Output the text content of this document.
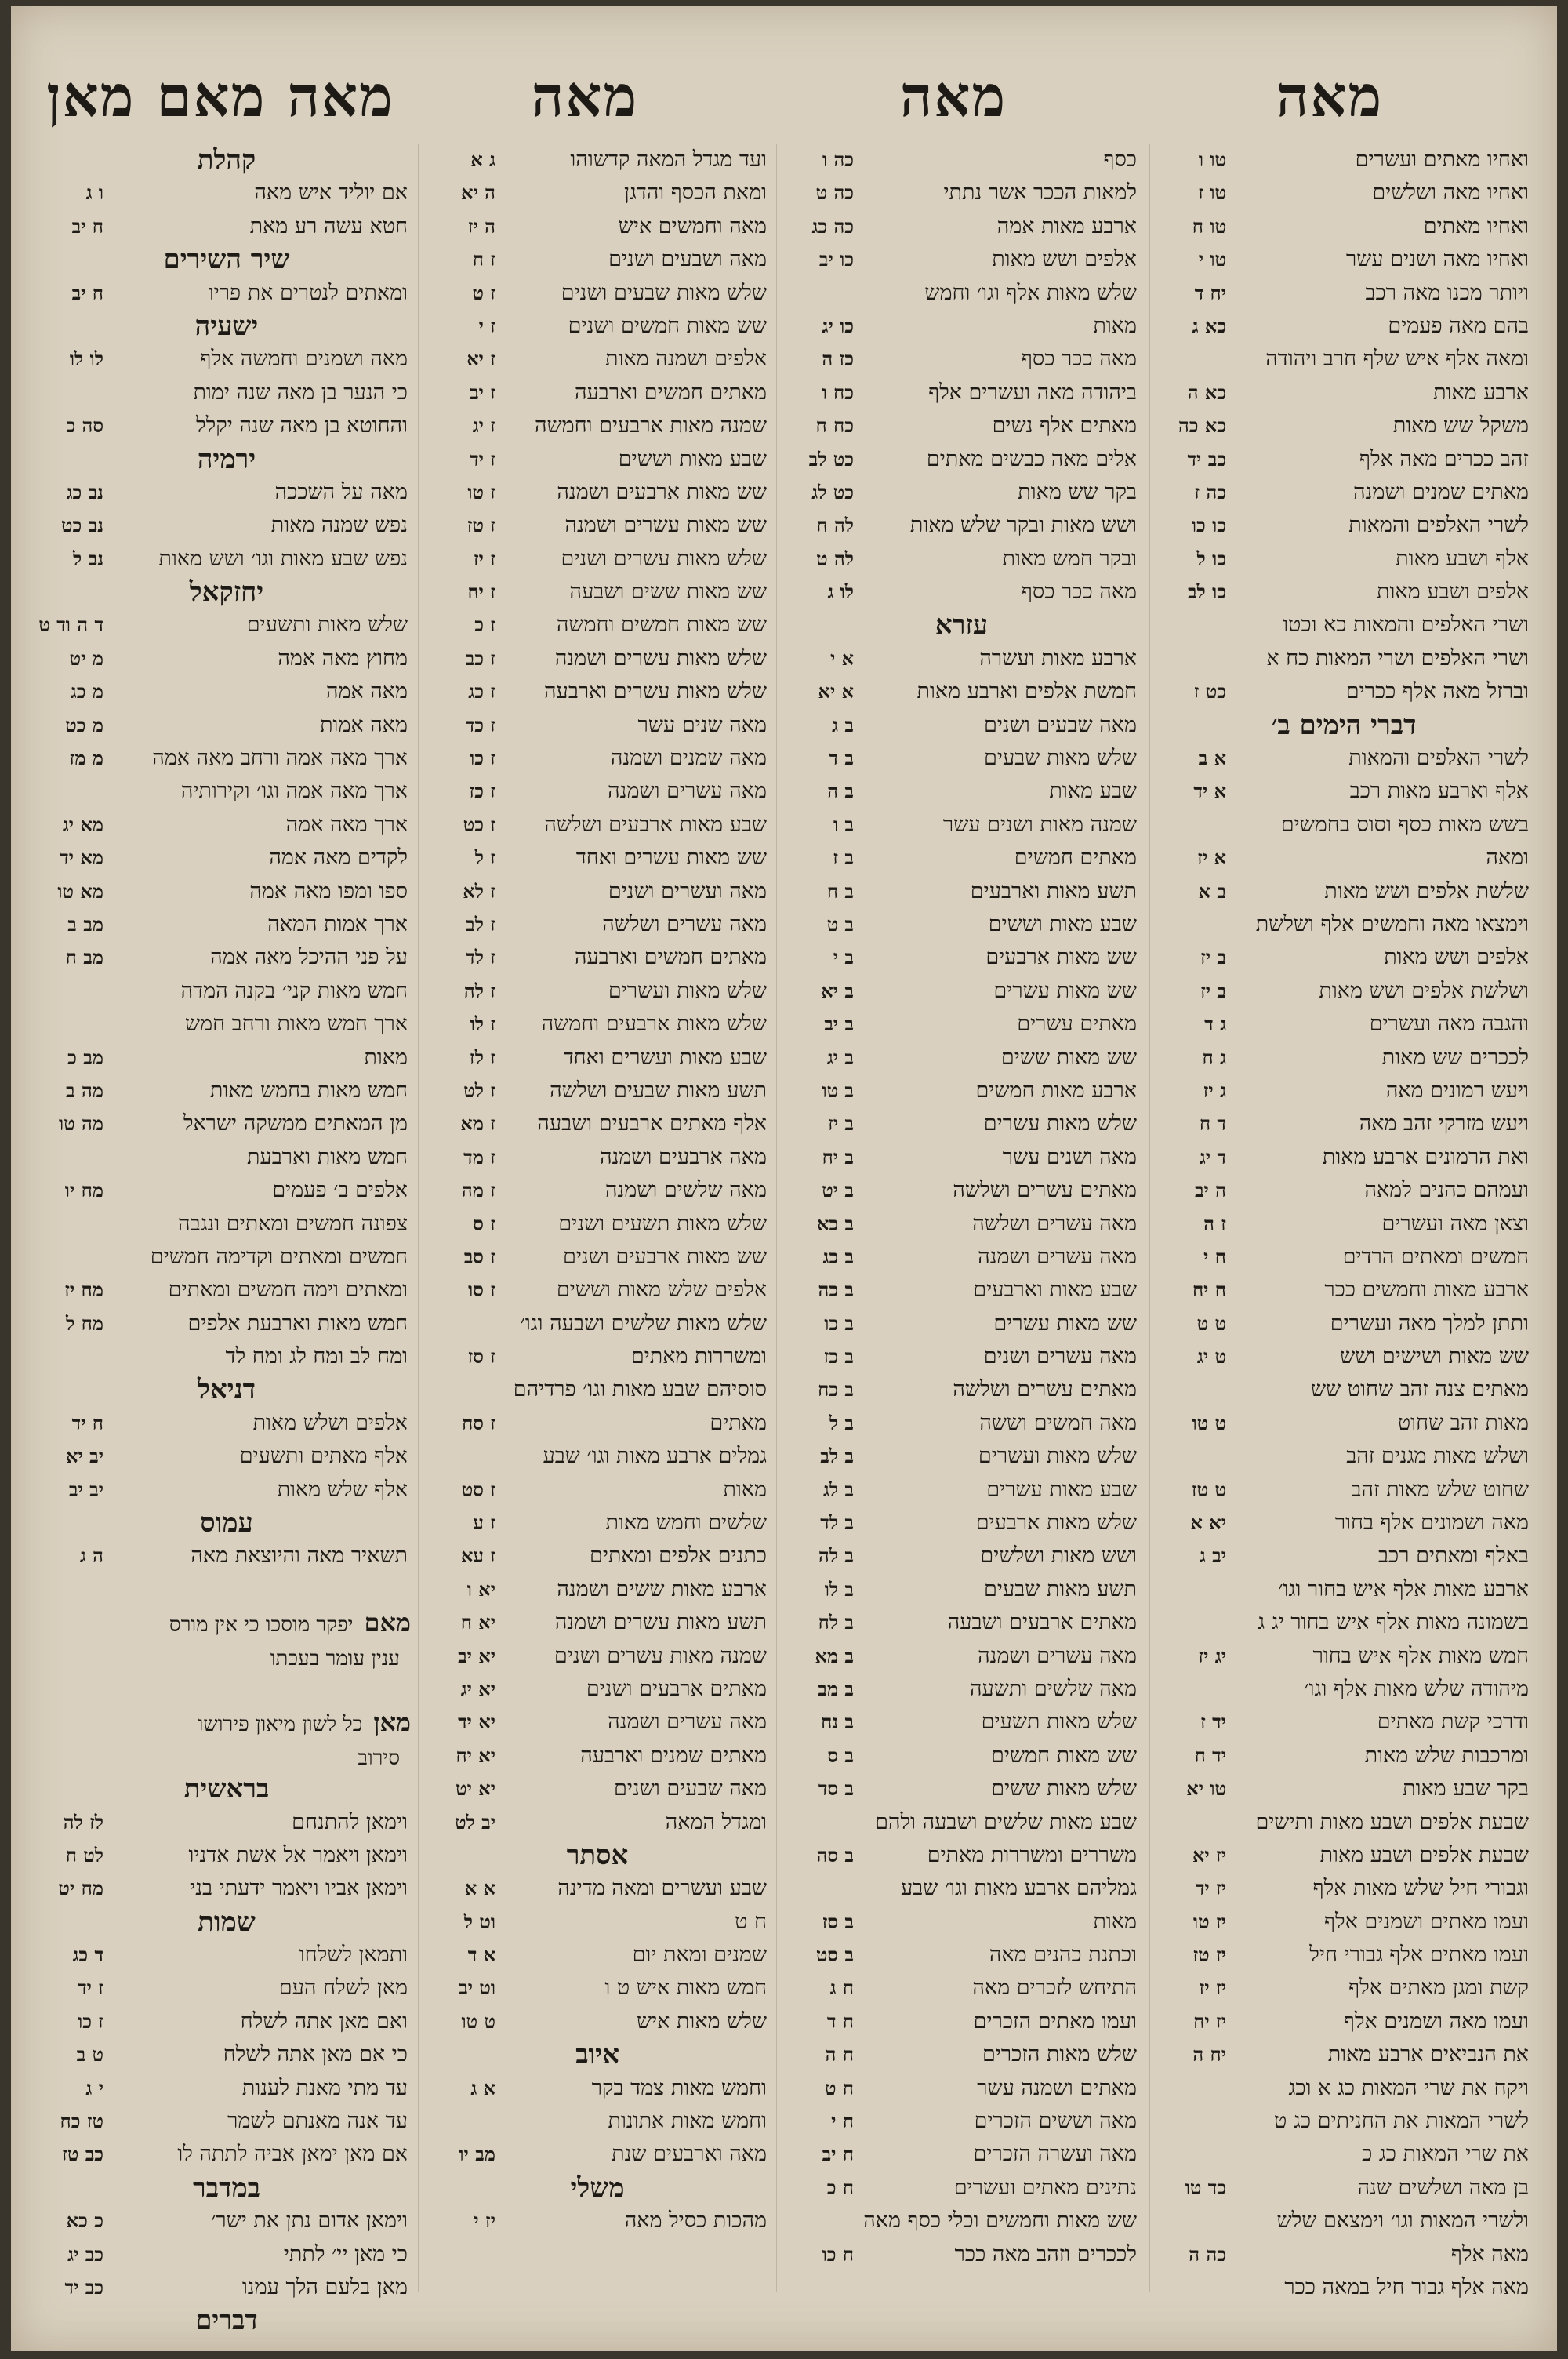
מאה
מאה
מאה
מאה מאם מאן
ואחיו מאתים ועשרים
טו ו
ואחיו מאה ושלשים
טו ז
ואחיו מאתים
טו ח
ואחיו מאה ושנים עשר
טו י
ויותר מכנו מאה רכב
יח ד
בהם מאה פעמים
כא ג
ומאה אלף איש שלף חרב ויהודה
ארבע מאות
כא ה
משקל שש מאות
כא כה
זהב ככרים מאה אלף
כב יד
מאתים שמנים ושמנה
כה ז
לשרי האלפים והמאות
כו כו
אלף ושבע מאות
כו ל
אלפים ושבע מאות
כו לב
ושרי האלפים והמאות כא וכטו
ושרי האלפים ושרי המאות כח א
וברזל מאה אלף ככרים
כט ז
דברי הימים ב׳
לשרי האלפים והמאות
א ב
אלף וארבע מאות רכב
א יד
בשש מאות כסף וסוס בחמשים
ומאה
א יז
שלשת אלפים ושש מאות
ב א
וימצאו מאה וחמשים אלף ושלשת
אלפים ושש מאות
ב יז
ושלשת אלפים ושש מאות
ב יז
והגבה מאה ועשרים
ג ד
לככרים שש מאות
ג ח
ויעש רמונים מאה
ג יז
ויעש מזרקי זהב מאה
ד ח
ואת הרמונים ארבע מאות
ד יג
ועמהם כהנים למאה
ה יב
וצאן מאה ועשרים
ז ה
חמשים ומאתים הרדים
ח י
ארבע מאות וחמשים ככר
ח יח
ותתן למלך מאה ועשרים
ט ט
שש מאות ושישים ושש
ט יג
מאתים צנה זהב שחוט שש
מאות זהב שחוט
ט טו
ושלש מאות מגנים זהב
שחוט שלש מאות זהב
ט טז
מאה ושמונים אלף בחור
יא א
באלף ומאתים רכב
יב ג
ארבע מאות אלף איש בחור וגו׳
בשמונה מאות אלף איש בחור יג ג
חמש מאות אלף איש בחור
יג יז
מיהודה שלש מאות אלף וגו׳
ודרכי קשת מאתים
יד ז
ומרכבות שלש מאות
יד ח
בקר שבע מאות
טו יא
שבעת אלפים ושבע מאות ותישים
שבעת אלפים ושבע מאות
יז יא
וגבורי חיל שלש מאות אלף
יז יד
ועמו מאתים ושמנים אלף
יז טו
ועמו מאתים אלף גבורי חיל
יז טז
קשת ומגן מאתים אלף
יז יז
ועמו מאה ושמנים אלף
יז יח
את הנביאים ארבע מאות
יח ה
ויקח את שרי המאות כג א וכג
לשרי המאות את החניתים כג ט
את שרי המאות כג כ
בן מאה ושלשים שנה
כד טו
ולשרי המאות וגו׳ וימצאם שלש
מאה אלף
כה ה
מאה אלף גבור חיל במאה ככר
כסף
כה ו
למאות הככר אשר נתתי
כה ט
ארבע מאות אמה
כה כג
אלפים ושש מאות
כו יב
שלש מאות אלף וגו׳ וחמש
מאות
כו יג
מאה ככר כסף
כז ה
ביהודה מאה ועשרים אלף
כח ו
מאתים אלף נשים
כח ח
אלים מאה כבשים מאתים
כט לב
בקר שש מאות
כט לג
ושש מאות ובקר שלש מאות
לה ח
ובקר חמש מאות
לה ט
מאה ככר כסף
לו ג
עזרא
ארבע מאות ועשרה
א י
חמשת אלפים וארבע מאות
א יא
מאה שבעים ושנים
ב ג
שלש מאות שבעים
ב ד
שבע מאות
ב ה
שמנה מאות ושנים עשר
ב ו
מאתים חמשים
ב ז
תשע מאות וארבעים
ב ח
שבע מאות וששים
ב ט
שש מאות ארבעים
ב י
שש מאות עשרים
ב יא
מאתים עשרים
ב יב
שש מאות ששים
ב יג
ארבע מאות חמשים
ב טו
שלש מאות עשרים
ב יז
מאה ושנים עשר
ב יח
מאתים עשרים ושלשה
ב יט
מאה עשרים ושלשה
ב כא
מאה עשרים ושמנה
ב כג
שבע מאות וארבעים
ב כה
שש מאות עשרים
ב כו
מאה עשרים ושנים
ב כז
מאתים עשרים ושלשה
ב כח
מאה חמשים וששה
ב ל
שלש מאות ועשרים
ב לב
שבע מאות עשרים
ב לג
שלש מאות ארבעים
ב לד
ושש מאות ושלשים
ב לה
תשע מאות שבעים
ב לו
מאתים ארבעים ושבעה
ב לח
מאה עשרים ושמנה
ב מא
מאה שלשים ותשעה
ב מב
שלש מאות תשעים
ב נח
שש מאות חמשים
ב ס
שלש מאות ששים
ב סד
שבע מאות שלשים ושבעה ולהם
משררים ומשררות מאתים
ב סה
גמליהם ארבע מאות וגו׳ שבע
מאות
ב סז
וכתנת כהנים מאה
ב סט
התיחש לזכרים מאה
ח ג
ועמו מאתים הזכרים
ח ד
שלש מאות הזכרים
ח ה
מאתים ושמנה עשר
ח ט
מאה וששים הזכרים
ח י
מאה ועשרה הזכרים
ח יב
נתינים מאתים ועשרים
ח כ
שש מאות וחמשים וכלי כסף מאה
לככרים וזהב מאה ככר
ח כו
ועד מגדל המאה קדשוהו
ג א
ומאת הכסף והדגן
ה יא
מאה וחמשים איש
ה יז
מאה ושבעים ושנים
ז ח
שלש מאות שבעים ושנים
ז ט
שש מאות חמשים ושנים
ז י
אלפים ושמנה מאות
ז יא
מאתים חמשים וארבעה
ז יב
שמנה מאות ארבעים וחמשה
ז יג
שבע מאות וששים
ז יד
שש מאות ארבעים ושמנה
ז טו
שש מאות עשרים ושמנה
ז טז
שלש מאות עשרים ושנים
ז יז
שש מאות ששים ושבעה
ז יח
שש מאות חמשים וחמשה
ז כ
שלש מאות עשרים ושמנה
ז כב
שלש מאות עשרים וארבעה
ז כג
מאה שנים עשר
ז כד
מאה שמנים ושמנה
ז כו
מאה עשרים ושמנה
ז כז
שבע מאות ארבעים ושלשה
ז כט
שש מאות עשרים ואחד
ז ל
מאה ועשרים ושנים
ז לא
מאה עשרים ושלשה
ז לב
מאתים חמשים וארבעה
ז לד
שלש מאות ועשרים
ז לה
שלש מאות ארבעים וחמשה
ז לו
שבע מאות ועשרים ואחד
ז לז
תשע מאות שבעים ושלשה
ז לט
אלף מאתים ארבעים ושבעה
ז מא
מאה ארבעים ושמנה
ז מד
מאה שלשים ושמנה
ז מה
שלש מאות תשעים ושנים
ז ס
שש מאות ארבעים ושנים
ז סב
אלפים שלש מאות וששים
ז סו
שלש מאות שלשים ושבעה וגו׳
ומשררות מאתים
ז סז
סוסיהם שבע מאות וגו׳ פרדיהם
מאתים
ז סח
גמלים ארבע מאות וגו׳ שבע
מאות
ז סט
שלשים וחמש מאות
ז ע
כתנים אלפים ומאתים
ז עא
ארבע מאות ששים ושמנה
יא ו
תשע מאות עשרים ושמנה
יא ח
שמנה מאות עשרים ושנים
יא יב
מאתים ארבעים ושנים
יא יג
מאה עשרים ושמנה
יא יד
מאתים שמנים וארבעה
יא יח
מאה שבעים ושנים
יא יט
ומגדל המאה
יב לט
אסתר
שבע ועשרים ומאה מדינה
א א
ח ט
וט ל
שמנים ומאת יום
א ד
חמש מאות איש ט ו
וט יב
שלש מאות איש
ט טו
איוב
וחמש מאות צמד בקר
א ג
וחמש מאות אתונות
מאה וארבעים שנת
מב יו
משלי
מהכות כסיל מאה
יז י
קהלת
אם יוליד איש מאה
ו ג
חטא עשה רע מאת
ח יב
שיר השירים
ומאתים לנטרים את פריו
ח יב
ישעיה
מאה ושמנים וחמשה אלף
לו לו
כי הנער בן מאה שנה ימות
והחוטא בן מאה שנה יקלל
סה כ
ירמיה
מאה על השככה
נב כג
נפש שמנה מאות
נב כט
נפש שבע מאות וגו׳ ושש מאות
נב ל
יחזקאל
שלש מאות ותשעים
ד ה וד ט
מחוץ מאה אמה
מ יט
מאה אמה
מ כג
מאה אמות
מ כט
ארך מאה אמה ורחב מאה אמה
מ מז
ארך מאה אמה וגו׳ וקירותיה
ארך מאה אמה
מא יג
לקדים מאה אמה
מא יד
ספו ומפו מאה אמה
מא טו
ארך אמות המאה
מב ב
על פני ההיכל מאה אמה
מב ח
חמש מאות קני׳ בקנה המדה
ארך חמש מאות ורחב חמש
מאות
מב כ
חמש מאות בחמש מאות
מה ב
מן המאתים ממשקה ישראל
מה טו
חמש מאות וארבעת
אלפים ב׳ פעמים
מח יו
צפונה חמשים ומאתים ונגבה
חמשים ומאתים וקדימה חמשים
ומאתים וימה חמשים ומאתים
מח יז
חמש מאות וארבעת אלפים
מח ל
ומח לב ומח לג ומח לד
דניאל
אלפים ושלש מאות
ח יד
אלף מאתים ותשעים
יב יא
אלף שלש מאות
יב יב
עמוס
תשאיר מאה והיוצאת מאה
ה ג
מאםיפקר מוסכו כי אין מורס
ענין עומר בעכתו
מאןכל לשון מיאון פירושו
סירוב
בראשית
וימאן להתנחם
לז לה
וימאן ויאמר אל אשת אדניו
לט ח
וימאן אביו ויאמר ידעתי בני
מח יט
שמות
ותמאן לשלחו
ד כג
מאן לשלח העם
ז יד
ואם מאן אתה לשלח
ז כו
כי אם מאן אתה לשלח
ט ב
עד מתי מאנת לענות
י ג
עד אנה מאנתם לשמר
טז כח
אם מאן ימאן אביה לתתה לו
כב טז
במדבר
וימאן אדום נתן את ישר׳
כ כא
כי מאן יי׳ לתתי
כב יג
מאן בלעם הלך עמנו
כב יד
דברים
